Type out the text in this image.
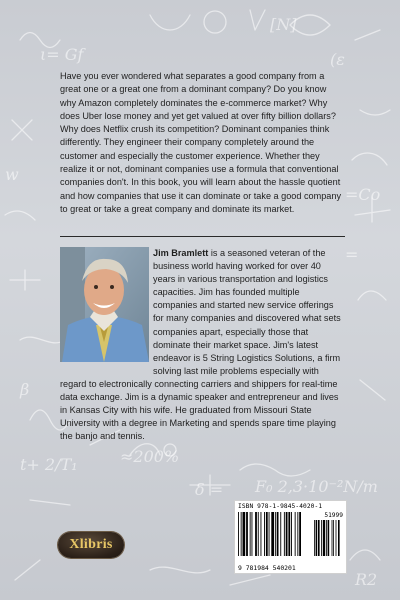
ι= Gf
[N]
(ε
w
=Co
=
β
≈200%
δ = F₀ 2,3·10⁻²N/m
R2
t+ 2/T₁
Have you ever wondered what separates a good company from a great one or a great one from a dominant company? Do you know why Amazon completely dominates the e-commerce market? Why does Uber lose money and yet get valued at over fifty billion dollars? Why does Netflix crush its competition? Dominant companies think differently. They engineer their company completely around the customer and especially the customer experience. Whether they realize it or not, dominant companies use a formula that conventional companies don't. In this book, you will learn about the hassle quotient and how companies that use it can dominate or take a good company to great or take a great company and dominate its market.
Jim Bramlett is a seasoned veteran of the business world having worked for over 40 years in various transportation and logistics capacities. Jim has founded multiple companies and started new service offerings for many companies and discovered what sets companies apart, especially those that dominate their market space. Jim's latest endeavor is 5 String Logistics Solutions, a firm solving last mile problems especially with regard to electronically connecting carriers and shippers for real-time data exchange. Jim is a dynamic speaker and entrepreneur and lives in Kansas City with his wife. He graduated from Missouri State University with a degree in Marketing and spends spare time playing the banjo and tennis.
Xlibris
ISBN 978-1-9845-4020-1
51999
9 781984 540201
